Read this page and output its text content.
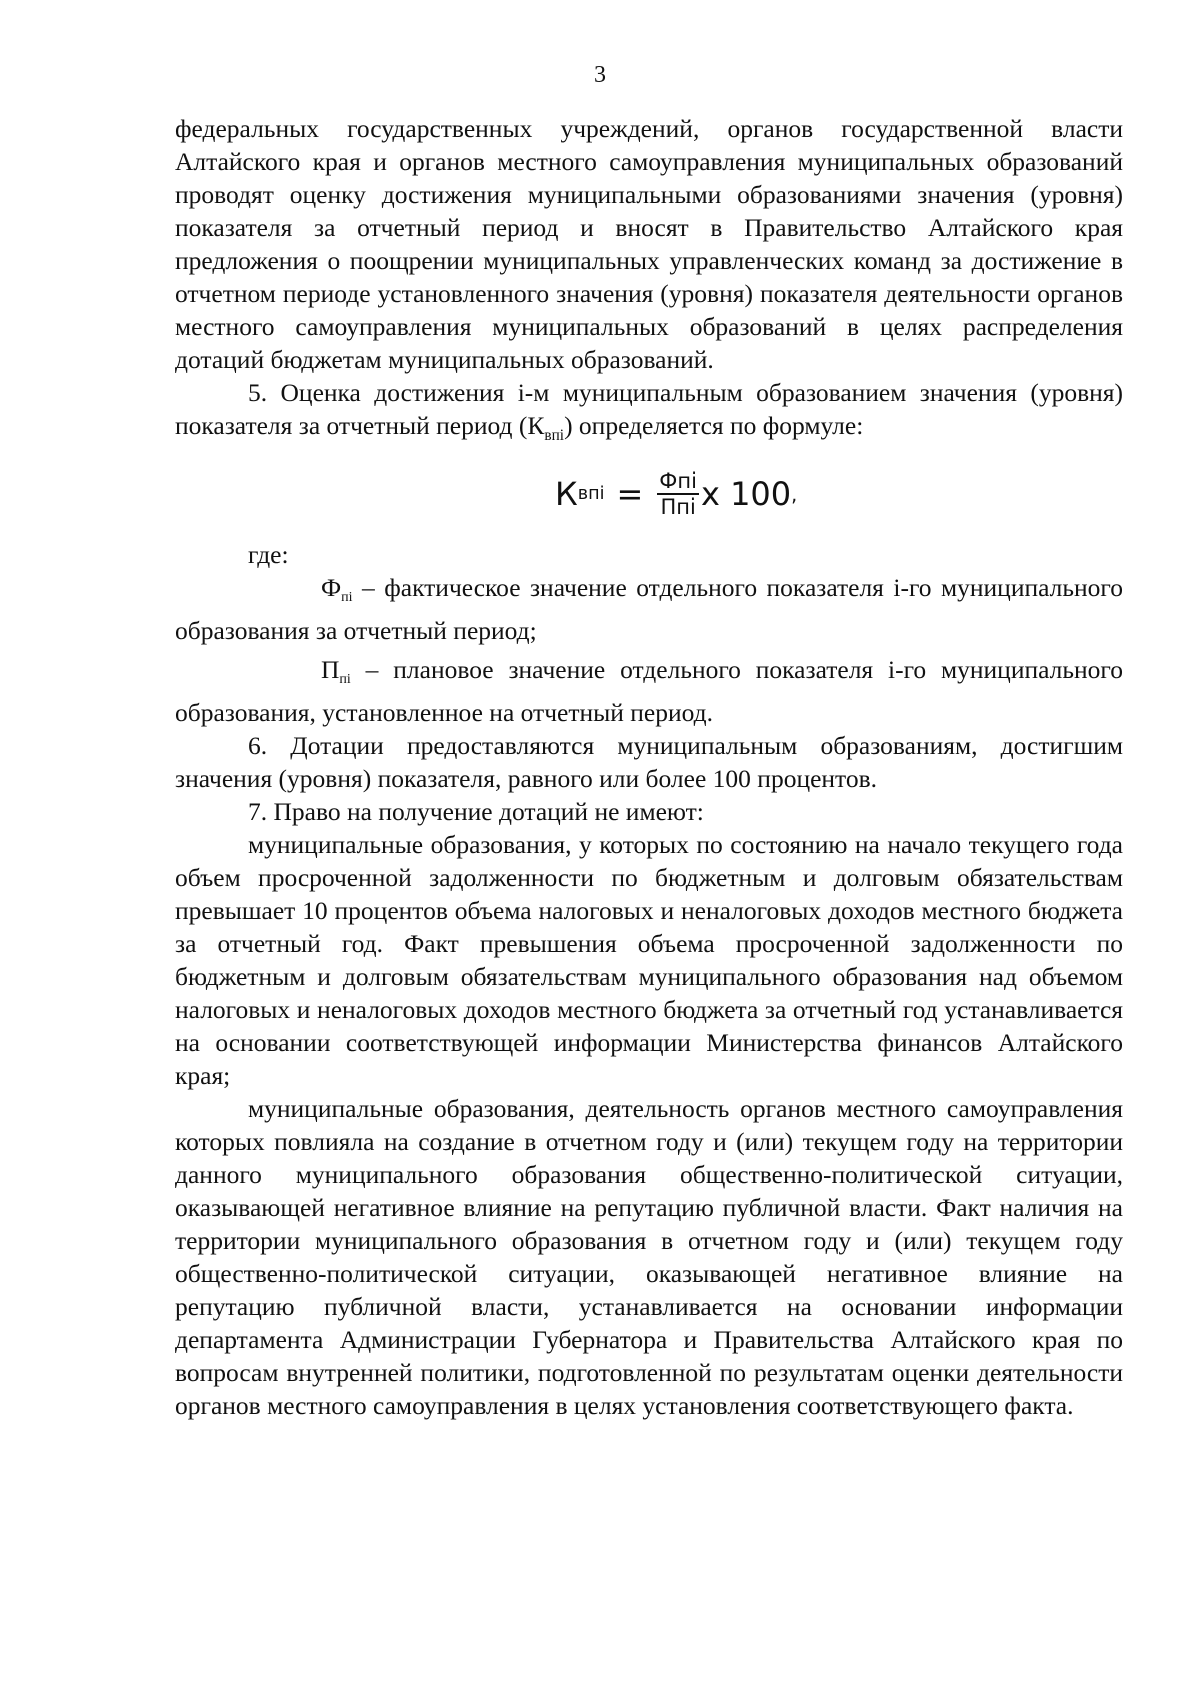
3

федеральных государственных учреждений, органов государственной власти Алтайского края и органов местного самоуправления муниципальных образований проводят оценку достижения муниципальными образованиями значения (уровня) показателя за отчетный период и вносят в Правительство Алтайского края предложения о поощрении муниципальных управленческих команд за достижение в отчетном периоде установленного значения (уровня) показателя деятельности органов местного самоуправления муниципальных образований в целях распределения дотаций бюджетам муниципальных образований.

5. Оценка достижения i-м муниципальным образованием значения (уровня) показателя за отчетный период $(К_{впi})$ определяется по формуле:

К впi = $\frac{\text{Фпi}}{\text{Ппi}}$ x 100 ,

где:

Фпi – фактическое значение отдельного показателя i-го муниципального образования за отчетный период;

Ппi – плановое значение отдельного показателя i-го муниципального образования, установленное на отчетный период.

6. Дотации предоставляются муниципальным образованиям, достигшим значения (уровня) показателя, равного или более 100 процентов.

7. Право на получение дотаций не имеют:

муниципальные образования, у которых по состоянию на начало текущего года объем просроченной задолженности по бюджетным и долговым обязательствам превышает 10 процентов объема налоговых и неналоговых доходов местного бюджета за отчетный год. Факт превышения объема просроченной задолженности по бюджетным и долговым обязательствам муниципального образования над объемом налоговых и неналоговых доходов местного бюджета за отчетный год устанавливается на основании соответствующей информации Министерства финансов Алтайского края;

муниципальные образования, деятельность органов местного самоуправления которых повлияла на создание в отчетном году и (или) текущем году на территории данного муниципального образования общественно-политической ситуации, оказывающей негативное влияние на репутацию публичной власти. Факт наличия на территории муниципального образования в отчетном году и (или) текущем году общественно-политической ситуации, оказывающей негативное влияние на репутацию публичной власти, устанавливается на основании информации департамента Администрации Губернатора и Правительства Алтайского края по вопросам внутренней политики, подготовленной по результатам оценки деятельности органов местного самоуправления в целях установления соответствующего факта.
